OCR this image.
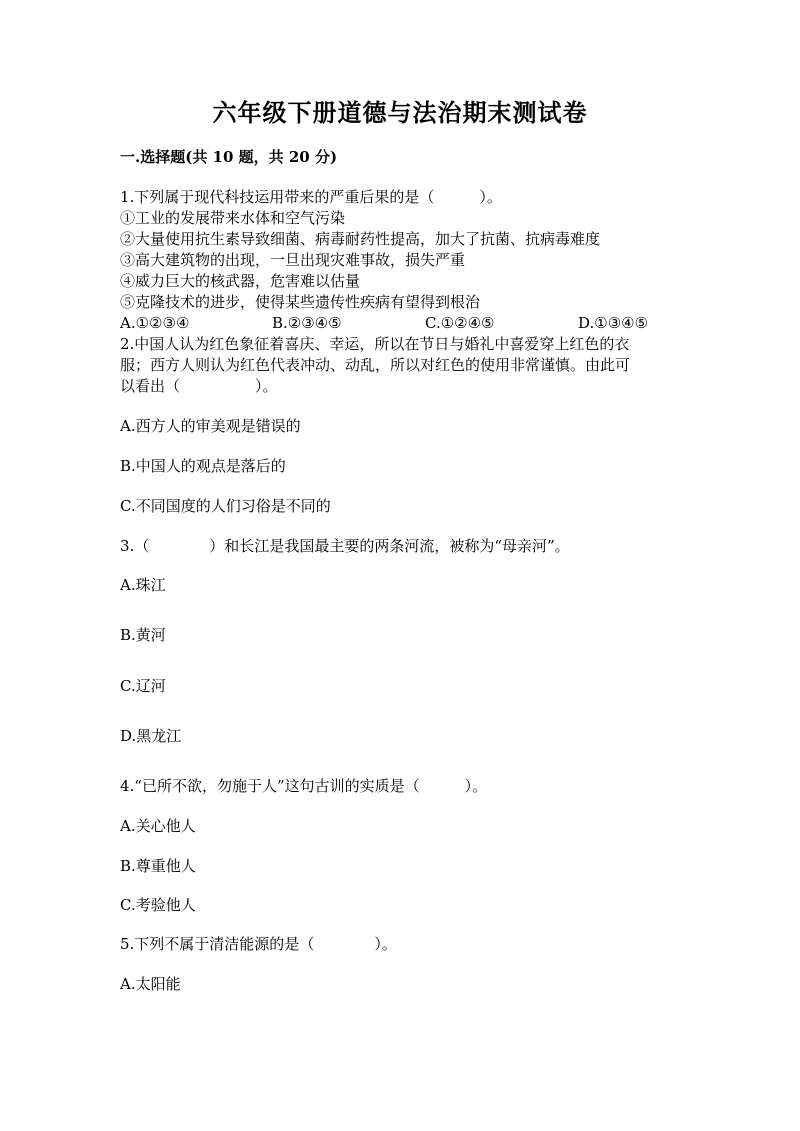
六年级下册道德与法治期末测试卷
一.选择题(共 10 题，共 20 分)
1.下列属于现代科技运用带来的严重后果的是（　　　）。
①工业的发展带来水体和空气污染
②大量使用抗生素导致细菌、病毒耐药性提高，加大了抗菌、抗病毒难度
③高大建筑物的出现，一旦出现灾难事故，损失严重
④威力巨大的核武器，危害难以估量
⑤克隆技术的进步，使得某些遗传性疾病有望得到根治
A.①②③④	B.②③④⑤	C.①②④⑤	D.①③④⑤
2.中国人认为红色象征着喜庆、幸运，所以在节日与婚礼中喜爱穿上红色的衣
服；西方人则认为红色代表冲动、动乱，所以对红色的使用非常谨慎。由此可
以看出（　　　　　）。
A.西方人的审美观是错误的
B.中国人的观点是落后的
C.不同国度的人们习俗是不同的
3.（　　　　）和长江是我国最主要的两条河流，被称为“母亲河”。
A.珠江
B.黄河
C.辽河
D.黑龙江
4.“已所不欲，勿施于人”这句古训的实质是（　　　）。
A.关心他人
B.尊重他人
C.考验他人
5.下列不属于清洁能源的是（　　　　）。
A.太阳能
